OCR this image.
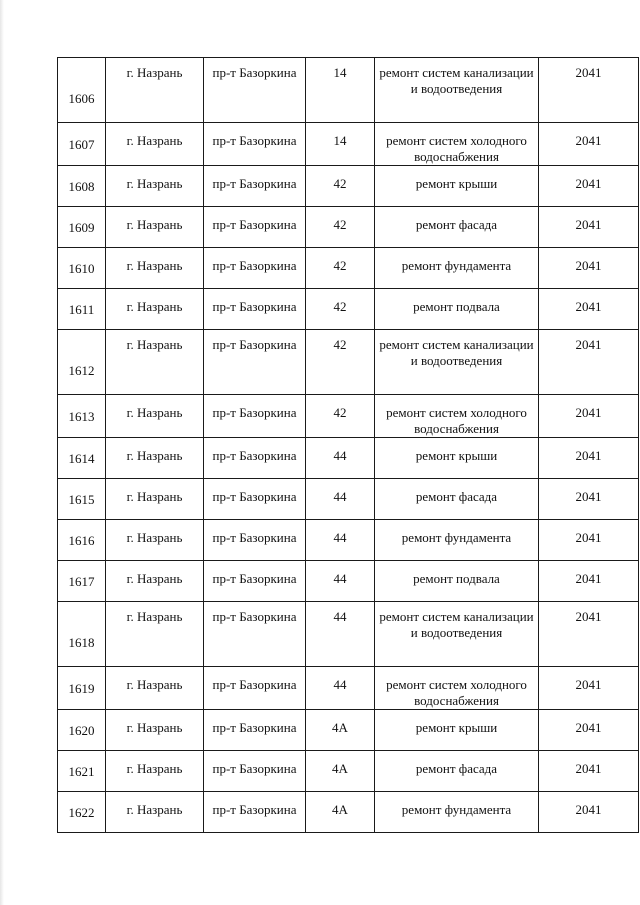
1606	г. Назрань	пр-т Базоркина	14	ремонт систем канализации и водоотведения	2041

1607	г. Назрань	пр-т Базоркина	14	ремонт систем холодного водоснабжения	2041

1608	г. Назрань	пр-т Базоркина	42	ремонт крыши	2041

1609	г. Назрань	пр-т Базоркина	42	ремонт фасада	2041

1610	г. Назрань	пр-т Базоркина	42	ремонт фундамента	2041

1611	г. Назрань	пр-т Базоркина	42	ремонт подвала	2041

1612	г. Назрань	пр-т Базоркина	42	ремонт систем канализации и водоотведения	2041

1613	г. Назрань	пр-т Базоркина	42	ремонт систем холодного водоснабжения	2041

1614	г. Назрань	пр-т Базоркина	44	ремонт крыши	2041

1615	г. Назрань	пр-т Базоркина	44	ремонт фасада	2041

1616	г. Назрань	пр-т Базоркина	44	ремонт фундамента	2041

1617	г. Назрань	пр-т Базоркина	44	ремонт подвала	2041

1618	г. Назрань	пр-т Базоркина	44	ремонт систем канализации и водоотведения	2041

1619	г. Назрань	пр-т Базоркина	44	ремонт систем холодного водоснабжения	2041

1620	г. Назрань	пр-т Базоркина	4А	ремонт крыши	2041

1621	г. Назрань	пр-т Базоркина	4А	ремонт фасада	2041

1622	г. Назрань	пр-т Базоркина	4А	ремонт фундамента	2041
